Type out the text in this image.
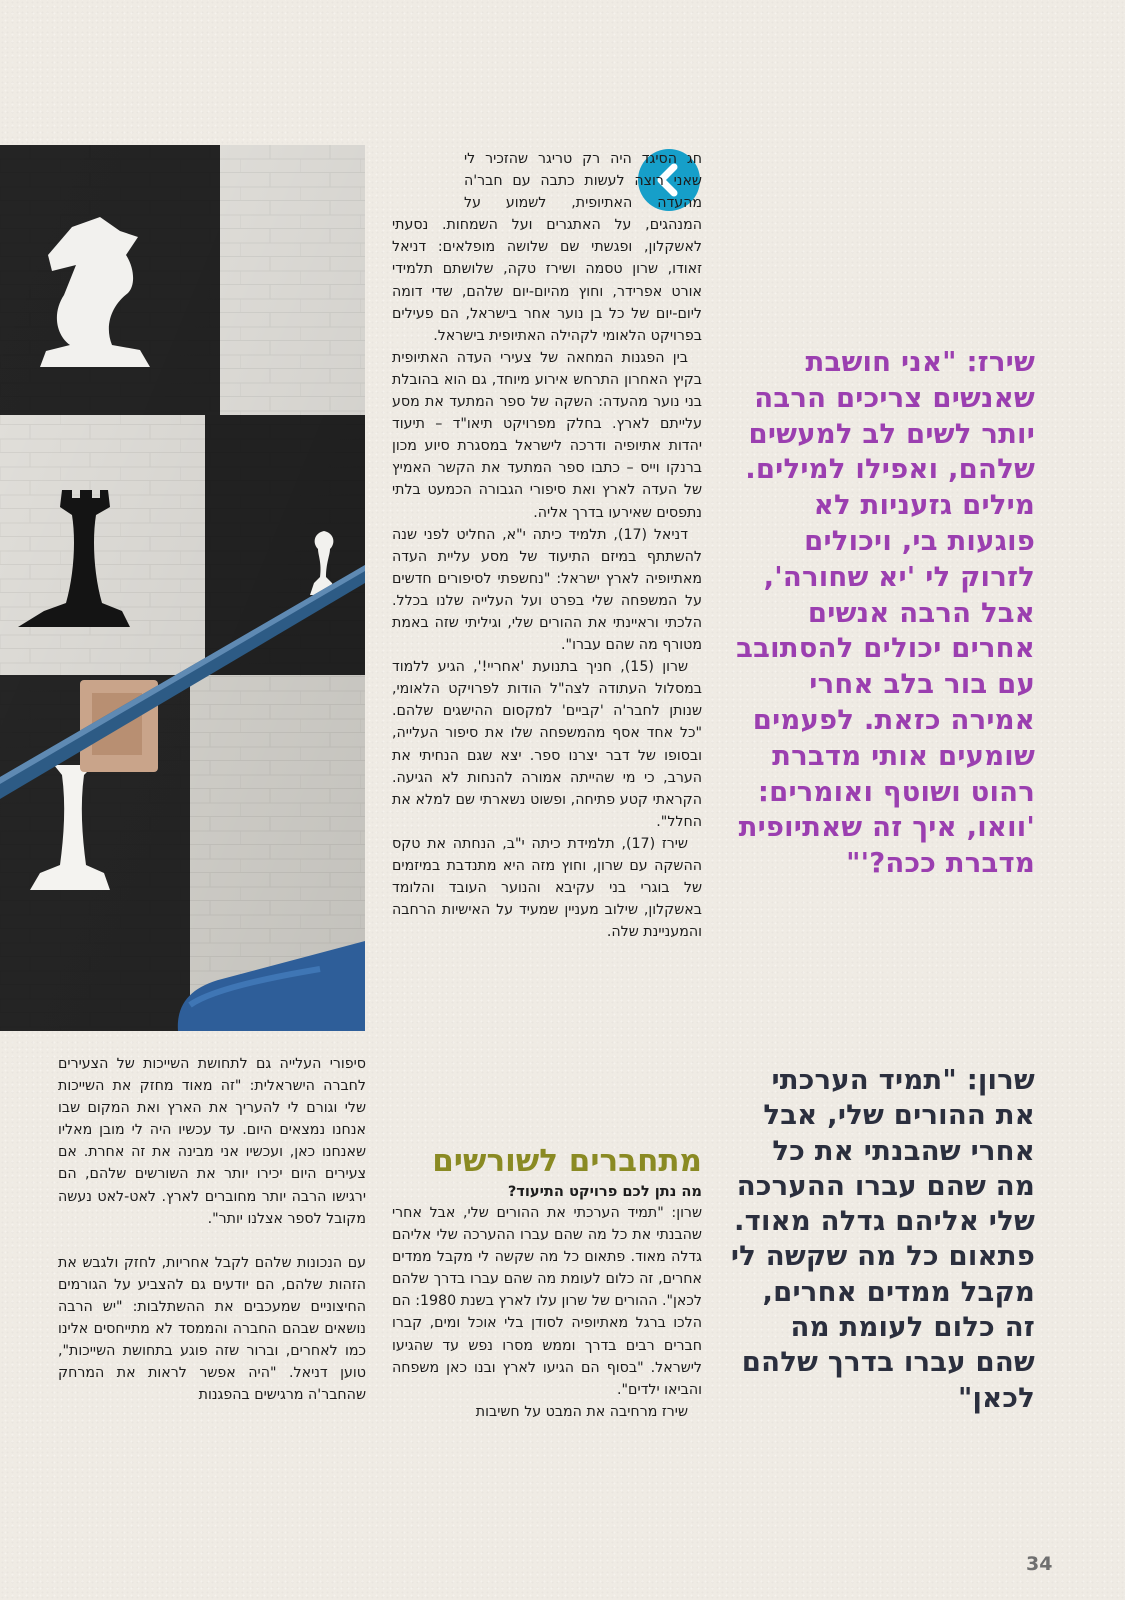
חג הסיגד היה רק טריגר שהזכיר לי שאני רוצה לעשות כתבה עם חבר'ה מהעדה האתיופית, לשמוע על המנהגים, על האתגרים ועל השמחות. נסעתי לאשקלון, ופגשתי שם שלושה מופלאים: דניאל זאודו, שרון טסמה ושירז טקה, שלושתם תלמידי אורט אפרידר, וחוץ מהיום-יום שלהם, שדי דומה ליום-יום של כל בן נוער אחר בישראל, הם פעילים בפרויקט הלאומי לקהילה האתיופית בישראל.

בין הפגנות המחאה של צעירי העדה האתיופית בקיץ האחרון התרחש אירוע מיוחד, גם הוא בהובלת בני נוער מהעדה: השקה של ספר המתעד את מסע עלייתם לארץ. בחלק מפרויקט תיאו"ד – תיעוד יהדות אתיופיה ודרכה לישראל במסגרת סיוע מכון ברנקו וייס – כתבו ספר המתעד את הקשר האמיץ של העדה לארץ ואת סיפורי הגבורה הכמעט בלתי נתפסים שאירעו בדרך אליה.

דניאל (17), תלמיד כיתה י"א, החליט לפני שנה להשתתף במיזם התיעוד של מסע עליית העדה מאתיופיה לארץ ישראל: "נחשפתי לסיפורים חדשים על המשפחה שלי בפרט ועל העלייה שלנו בכלל. הלכתי וראיינתי את ההורים שלי, וגיליתי שזה באמת מטורף מה שהם עברו".

שרון (15), חניך בתנועת 'אחריי!', הגיע ללמוד במסלול העתודה לצה"ל הודות לפרויקט הלאומי, שנותן לחבר'ה 'קביים' למקסום ההישגים שלהם. "כל אחד אסף מהמשפחה שלו את סיפור העלייה, ובסופו של דבר יצרנו ספר. יצא שגם הנחיתי את הערב, כי מי שהייתה אמורה להנחות לא הגיעה. הקראתי קטע פתיחה, ופשוט נשארתי שם למלא את החלל".

שירז (17), תלמידת כיתה י"ב, הנחתה את טקס ההשקה עם שרון, וחוץ מזה היא מתנדבת במיזמים של בוגרי בני עקיבא והנוער העובד והלומד באשקלון, שילוב מעניין שמעיד על האישיות הרחבה והמעניינת שלה.

מתחברים לשורשים

מה נתן לכם פרויקט התיעוד?

שרון: "תמיד הערכתי את ההורים שלי, אבל אחרי שהבנתי את כל מה שהם עברו ההערכה שלי אליהם גדלה מאוד. פתאום כל מה שקשה לי מקבל ממדים אחרים, זה כלום לעומת מה שהם עברו בדרך שלהם לכאן". ההורים של שרון עלו לארץ בשנת 1980: הם הלכו ברגל מאתיופיה לסודן בלי אוכל ומים, קברו חברים רבים בדרך וממש מסרו נפש עד שהגיעו לישראל. "בסוף הם הגיעו לארץ ובנו כאן משפחה והביאו ילדים".

שירז מרחיבה את המבט על חשיבות

סיפורי העלייה גם לתחושת השייכות של הצעירים לחברה הישראלית: "זה מאוד מחזק את השייכות שלי וגורם לי להעריך את הארץ ואת המקום שבו אנחנו נמצאים היום. עד עכשיו היה לי מובן מאליו שאנחנו כאן, ועכשיו אני מבינה את זה אחרת. אם צעירים היום יכירו יותר את השורשים שלהם, הם ירגישו הרבה יותר מחוברים לארץ. לאט-לאט נעשה מקובל לספר אצלנו יותר".

עם הנכונות שלהם לקבל אחריות, לחזק ולגבש את הזהות שלהם, הם יודעים גם להצביע על הגורמים החיצוניים שמעכבים את ההשתלבות: "יש הרבה נושאים שבהם החברה והממסד לא מתייחסים אלינו כמו לאחרים, וברור שזה פוגע בתחושת השייכות", טוען דניאל. "היה אפשר לראות את המרחק שהחבר'ה מרגישים בהפגנות

שירז: "אני חושבת שאנשים צריכים הרבה יותר לשים לב למעשים שלהם, ואפילו למילים. מילים גזעניות לא פוגעות בי, ויכולים לזרוק לי 'יא שחורה', אבל הרבה אנשים אחרים יכולים להסתובב עם בור בלב אחרי אמירה כזאת. לפעמים שומעים אותי מדברת רהוט ושוטף ואומרים: 'וואו, איך זה שאתיופית מדברת ככה?'"

שרון: "תמיד הערכתי את ההורים שלי, אבל אחרי שהבנתי את כל מה שהם עברו ההערכה שלי אליהם גדלה מאוד. פתאום כל מה שקשה לי מקבל ממדים אחרים, זה כלום לעומת מה שהם עברו בדרך שלהם לכאן"

34
